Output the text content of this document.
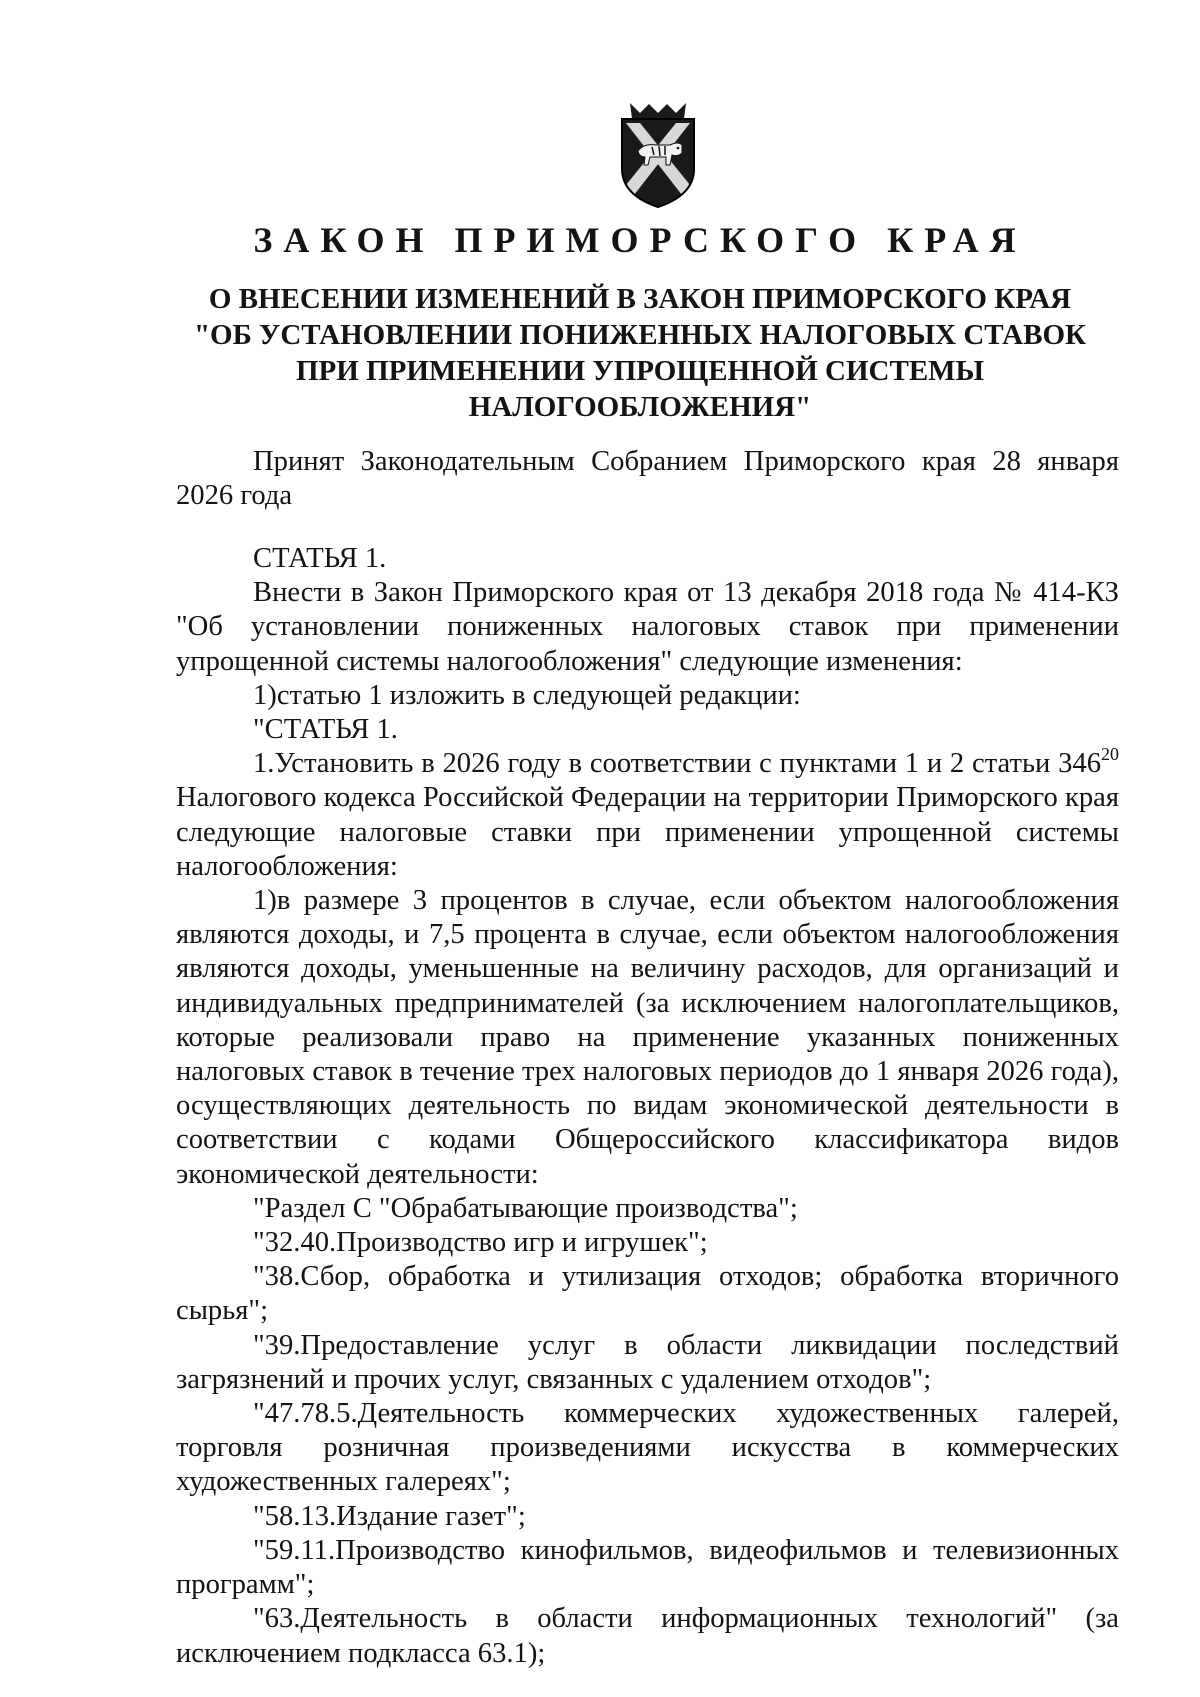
ЗАКОН ПРИМОРСКОГО КРАЯ
О ВНЕСЕНИИ ИЗМЕНЕНИЙ В ЗАКОН ПРИМОРСКОГО КРАЯ
"ОБ УСТАНОВЛЕНИИ ПОНИЖЕННЫХ НАЛОГОВЫХ СТАВОК
ПРИ ПРИМЕНЕНИИ УПРОЩЕННОЙ СИСТЕМЫ
НАЛОГООБЛОЖЕНИЯ"

Принят Законодательным Собранием Приморского края 28 января 2026 года

СТАТЬЯ 1.

Внести в Закон Приморского края от 13 декабря 2018 года № 414-КЗ "Об установлении пониженных налоговых ставок при применении упрощенной системы налогообложения" следующие изменения:

1)статью 1 изложить в следующей редакции:

"СТАТЬЯ 1.

1.Установить в 2026 году в соответствии с пунктами 1 и 2 статьи $346^{20}$ Налогового кодекса Российской Федерации на территории Приморского края следующие налоговые ставки при применении упрощенной системы налогообложения:

1)в размере 3 процентов в случае, если объектом налогообложения являются доходы, и 7,5 процента в случае, если объектом налогообложения являются доходы, уменьшенные на величину расходов, для организаций и индивидуальных предпринимателей (за исключением налогоплательщиков, которые реализовали право на применение указанных пониженных налоговых ставок в течение трех налоговых периодов до 1 января 2026 года), осуществляющих деятельность по видам экономической деятельности в соответствии с кодами Общероссийского классификатора видов экономической деятельности:

"Раздел С "Обрабатывающие производства";

"32.40.Производство игр и игрушек";

"38.Сбор, обработка и утилизация отходов; обработка вторичного сырья";

"39.Предоставление услуг в области ликвидации последствий загрязнений и прочих услуг, связанных с удалением отходов";

"47.78.5.Деятельность коммерческих художественных галерей, торговля розничная произведениями искусства в коммерческих художественных галереях";

"58.13.Издание газет";

"59.11.Производство кинофильмов, видеофильмов и телевизионных программ";

"63.Деятельность в области информационных технологий" (за исключением подкласса 63.1);
